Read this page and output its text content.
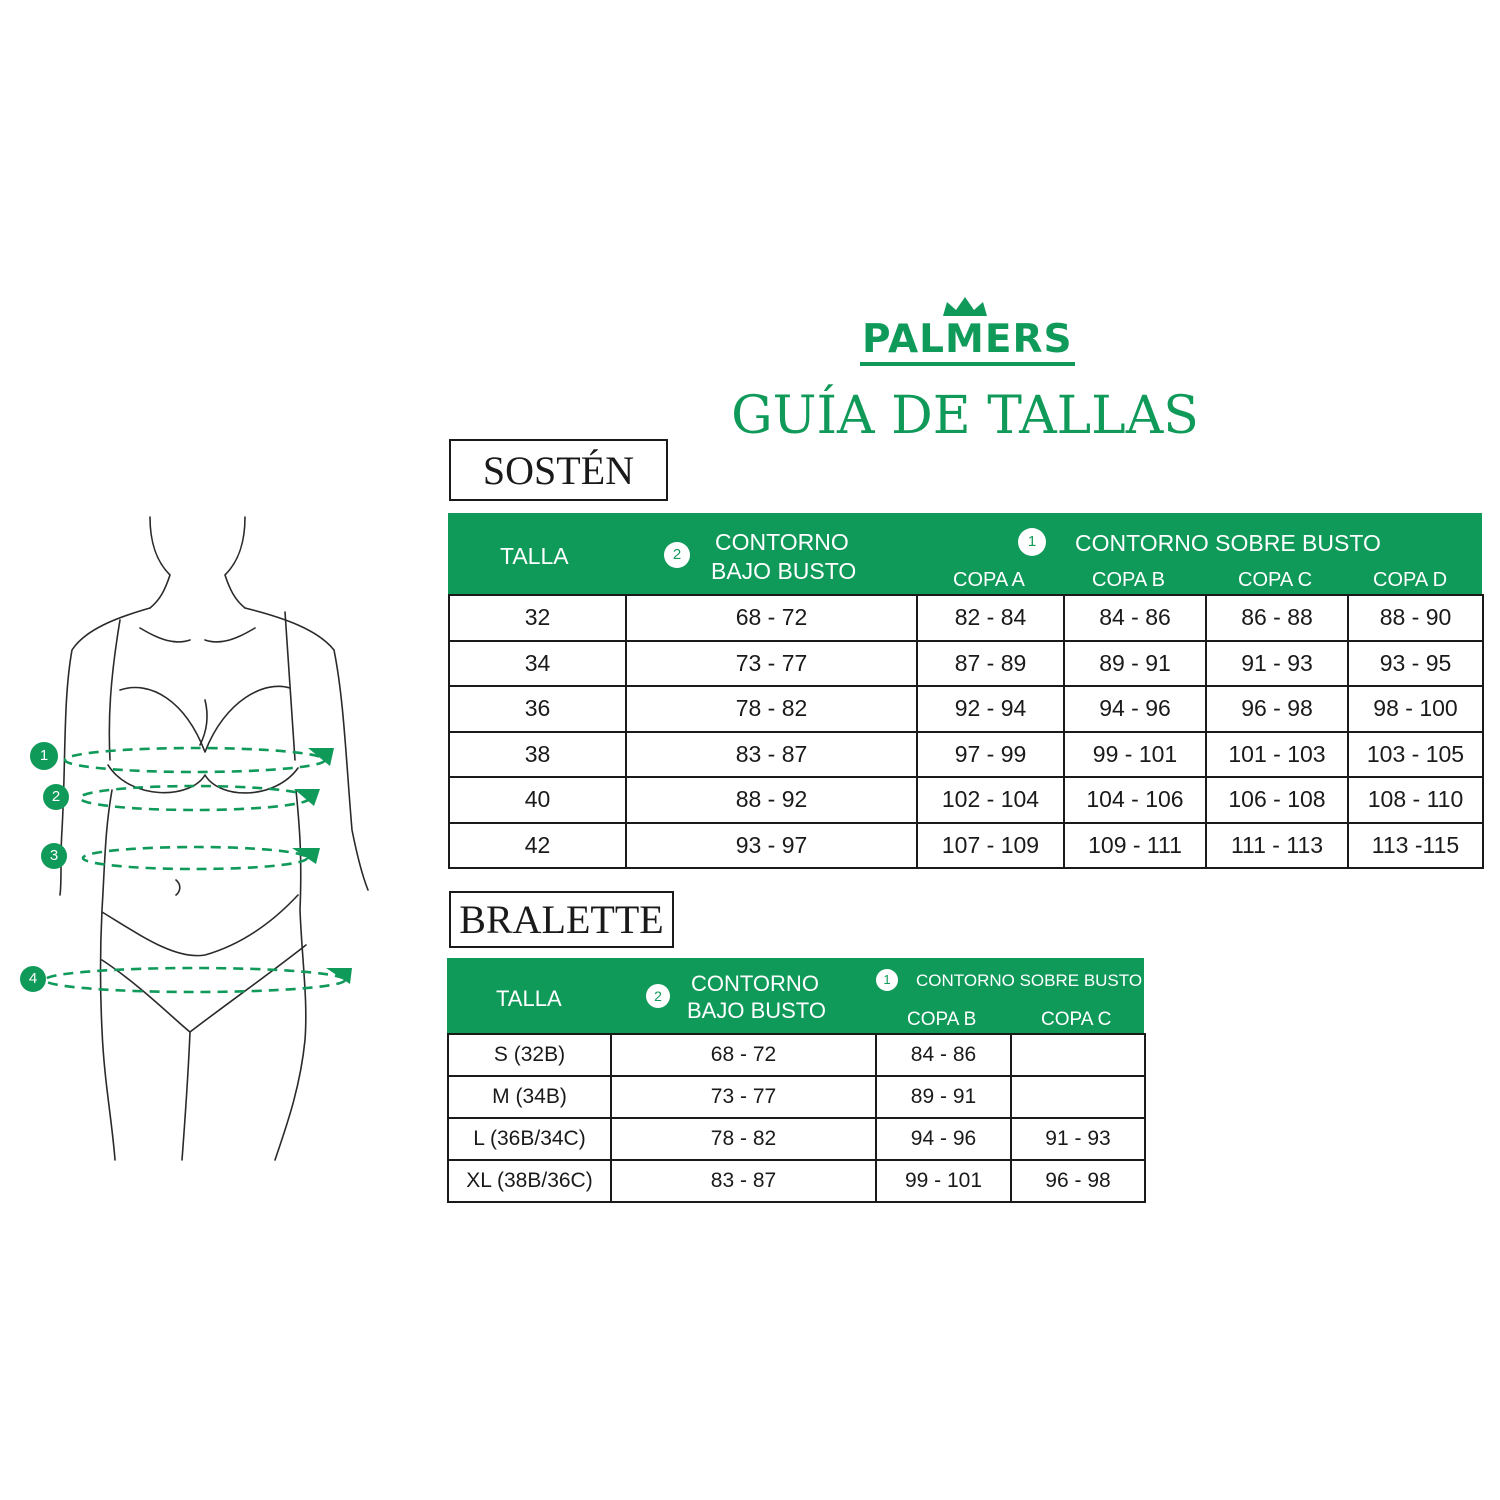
PALMERS
GUÍA DE TALLAS
1
2
3
4
SOSTÉN
TALLA	2	CONTORNO
BAJO BUSTO
1	CONTORNO SOBRE BUSTO
COPA A	COPA B	COPA C	COPA D
32	68 - 72	82 - 84	84 - 86	86 - 88	88 - 90
34	73 - 77	87 - 89	89 - 91	91 - 93	93 - 95
36	78 - 82	92 - 94	94 - 96	96 - 98	98 - 100
38	83 - 87	97 - 99	99 - 101	101 - 103	103 - 105
40	88 - 92	102 - 104	104 - 106	106 - 108	108 - 110
42	93 - 97	107 - 109	109 - 111	111 - 113	113 -115
BRALETTE
TALLA	2	CONTORNO
BAJO BUSTO
1	CONTORNO SOBRE BUSTO
COPA B	COPA C
S (32B)	68 - 72	84 - 86	
M (34B)	73 - 77	89 - 91	
L (36B/34C)	78 - 82	94 - 96	91 - 93
XL (38B/36C)	83 - 87	99 - 101	96 - 98
